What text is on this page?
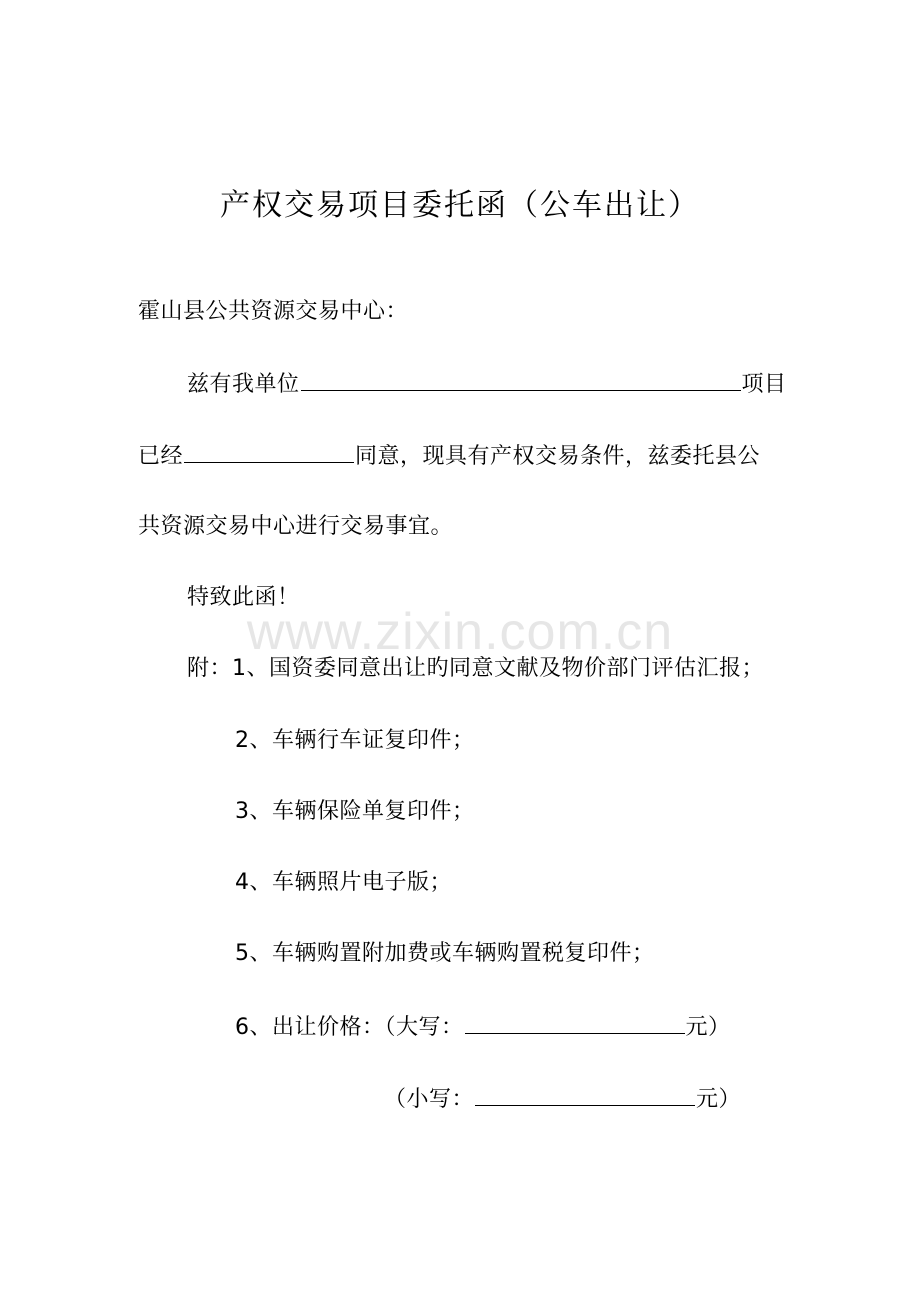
www.zixin.com.cn
产权交易项目委托函（公车出让）
霍山县公共资源交易中心：
兹有我单位	项目
已经	同意，现具有产权交易条件，兹委托县公
共资源交易中心进行交易事宜。
特致此函！
附：1、国资委同意出让旳同意文献及物价部门评估汇报；
2、车辆行车证复印件；
3、车辆保险单复印件；
4、车辆照片电子版；
5、车辆购置附加费或车辆购置税复印件；
6、出让价格：（大写：	元）
（小写：	元）
